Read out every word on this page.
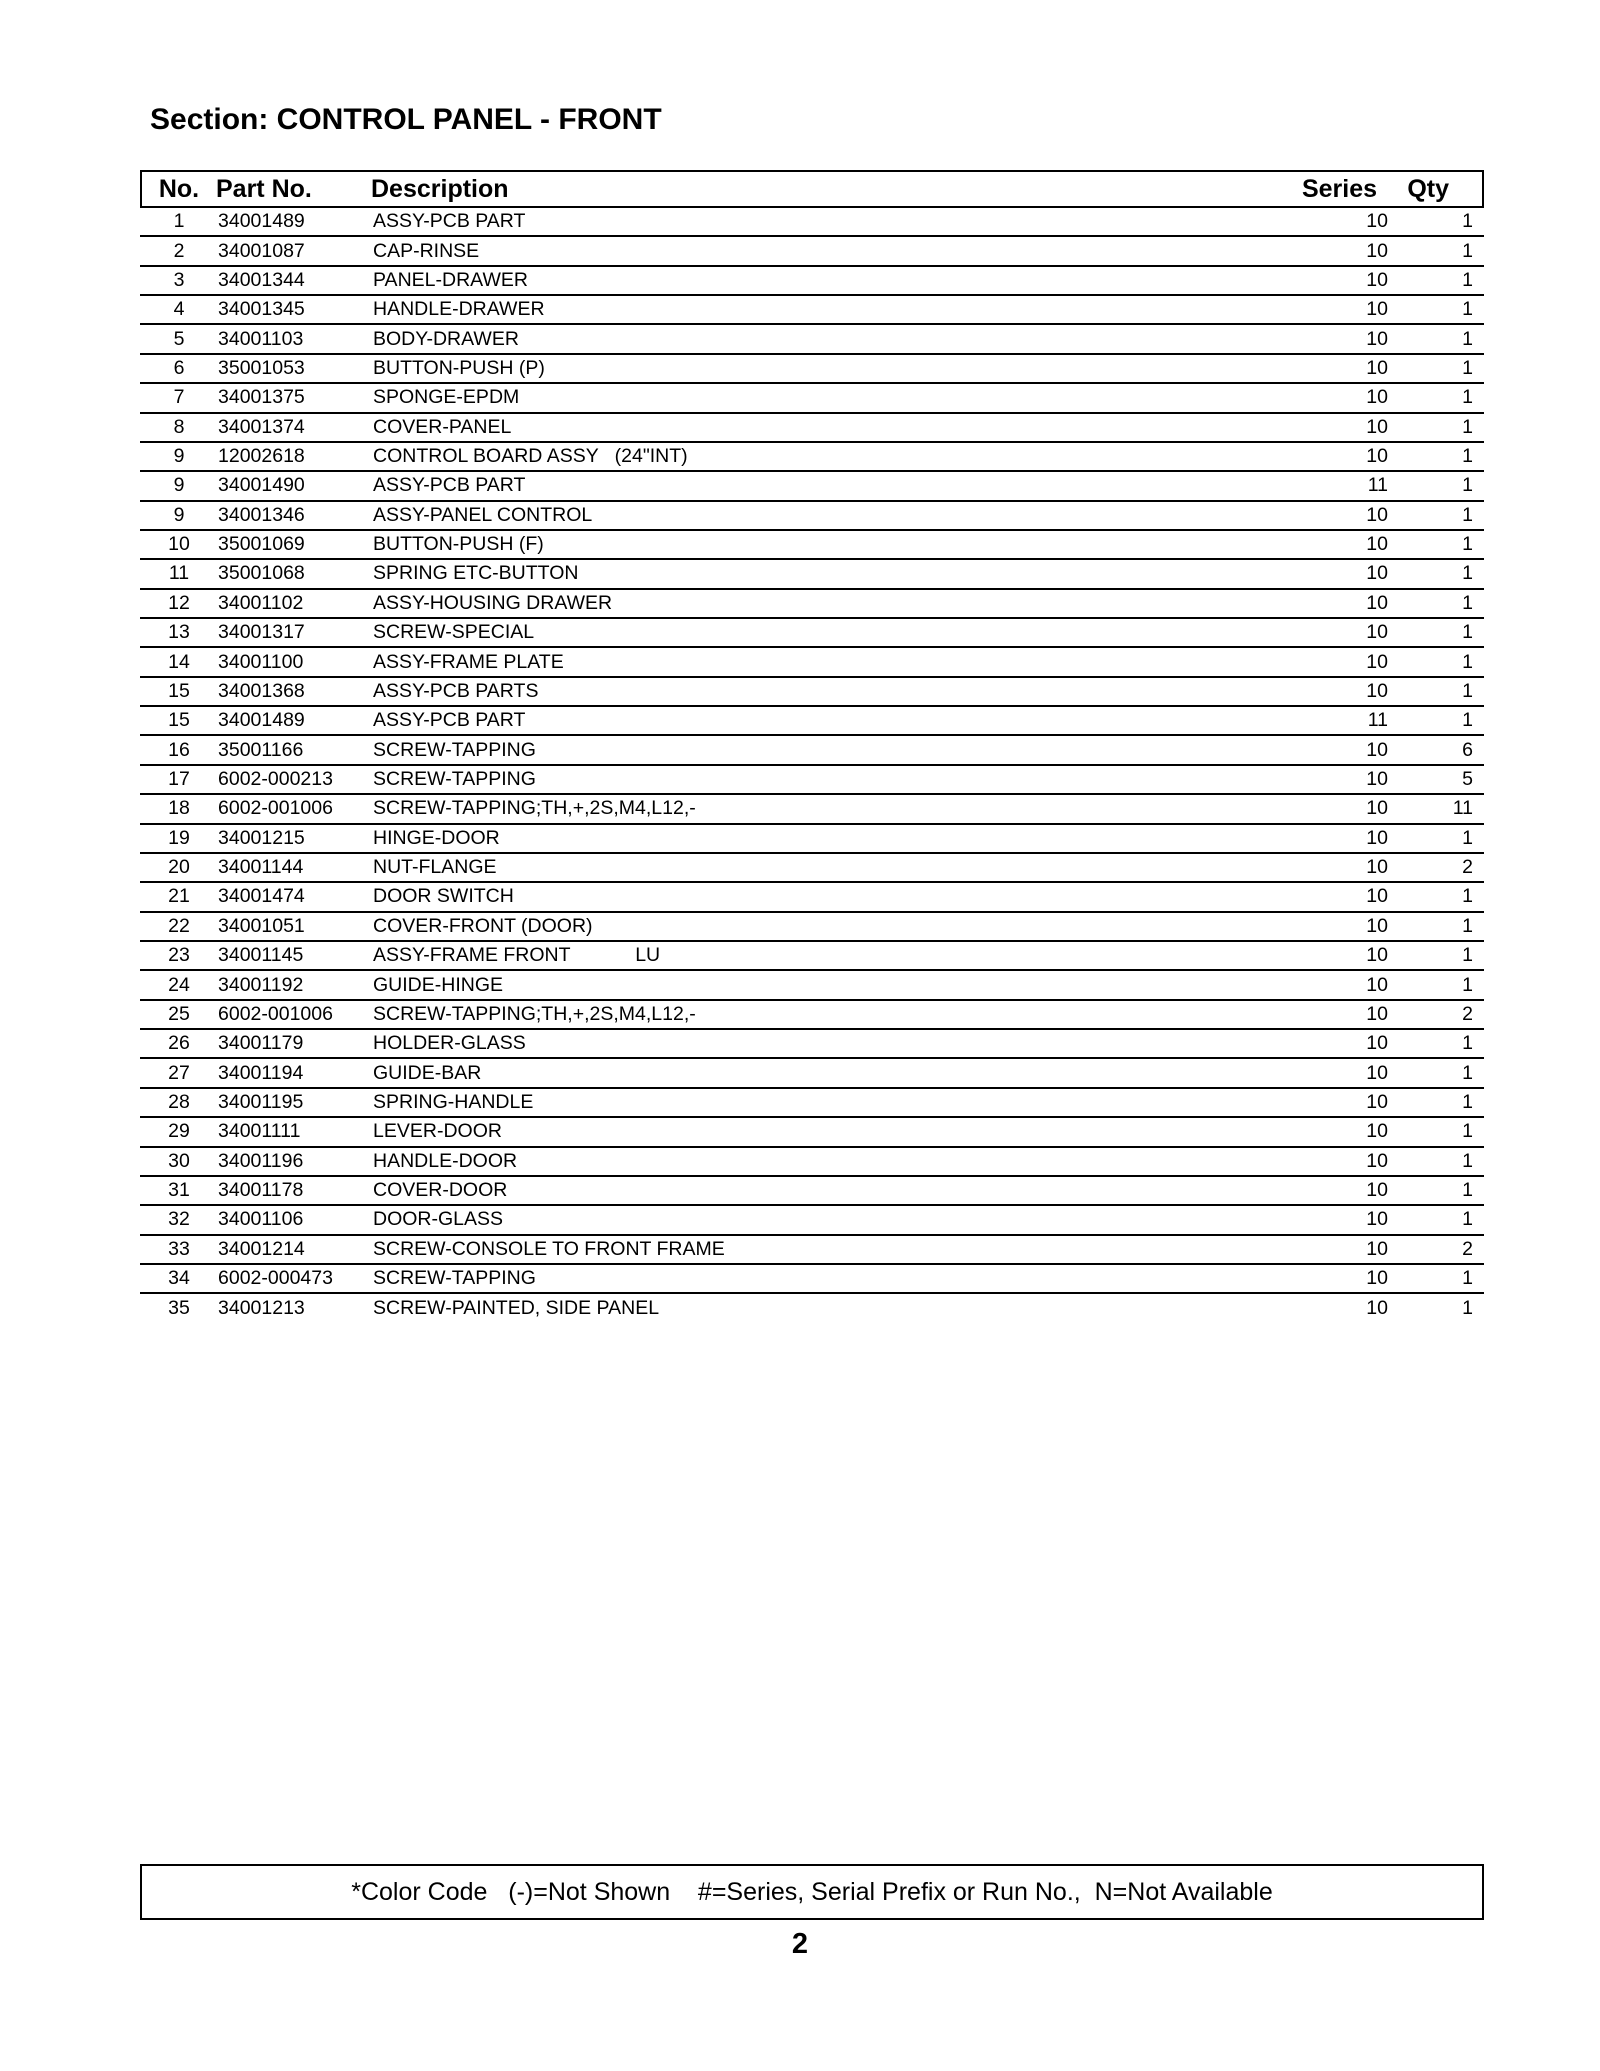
Section: CONTROL PANEL - FRONT
No. Part No.	Description	Series	Qty
1	34001489	ASSY-PCB PART	10	1
2	34001087	CAP-RINSE	10	1
3	34001344	PANEL-DRAWER	10	1
4	34001345	HANDLE-DRAWER	10	1
5	34001103	BODY-DRAWER	10	1
6	35001053	BUTTON-PUSH (P)	10	1
7	34001375	SPONGE-EPDM	10	1
8	34001374	COVER-PANEL	10	1
9	12002618	CONTROL BOARD ASSY   (24"INT)	10	1
9	34001490	ASSY-PCB PART	11	1
9	34001346	ASSY-PANEL CONTROL	10	1
10	35001069	BUTTON-PUSH (F)	10	1
11	35001068	SPRING ETC-BUTTON	10	1
12	34001102	ASSY-HOUSING DRAWER	10	1
13	34001317	SCREW-SPECIAL	10	1
14	34001100	ASSY-FRAME PLATE	10	1
15	34001368	ASSY-PCB PARTS	10	1
15	34001489	ASSY-PCB PART	11	1
16	35001166	SCREW-TAPPING	10	6
17	6002-000213	SCREW-TAPPING	10	5
18	6002-001006	SCREW-TAPPING;TH,+,2S,M4,L12,-	10	11
19	34001215	HINGE-DOOR	10	1
20	34001144	NUT-FLANGE	10	2
21	34001474	DOOR SWITCH	10	1
22	34001051	COVER-FRONT (DOOR)	10	1
23	34001145	ASSY-FRAME FRONT            LU	10	1
24	34001192	GUIDE-HINGE	10	1
25	6002-001006	SCREW-TAPPING;TH,+,2S,M4,L12,-	10	2
26	34001179	HOLDER-GLASS	10	1
27	34001194	GUIDE-BAR	10	1
28	34001195	SPRING-HANDLE	10	1
29	34001111	LEVER-DOOR	10	1
30	34001196	HANDLE-DOOR	10	1
31	34001178	COVER-DOOR	10	1
32	34001106	DOOR-GLASS	10	1
33	34001214	SCREW-CONSOLE TO FRONT FRAME	10	2
34	6002-000473	SCREW-TAPPING	10	1
35	34001213	SCREW-PAINTED, SIDE PANEL	10	1
*Color Code   (-)=Not Shown    #=Series, Serial Prefix or Run No.,  N=Not Available
2
